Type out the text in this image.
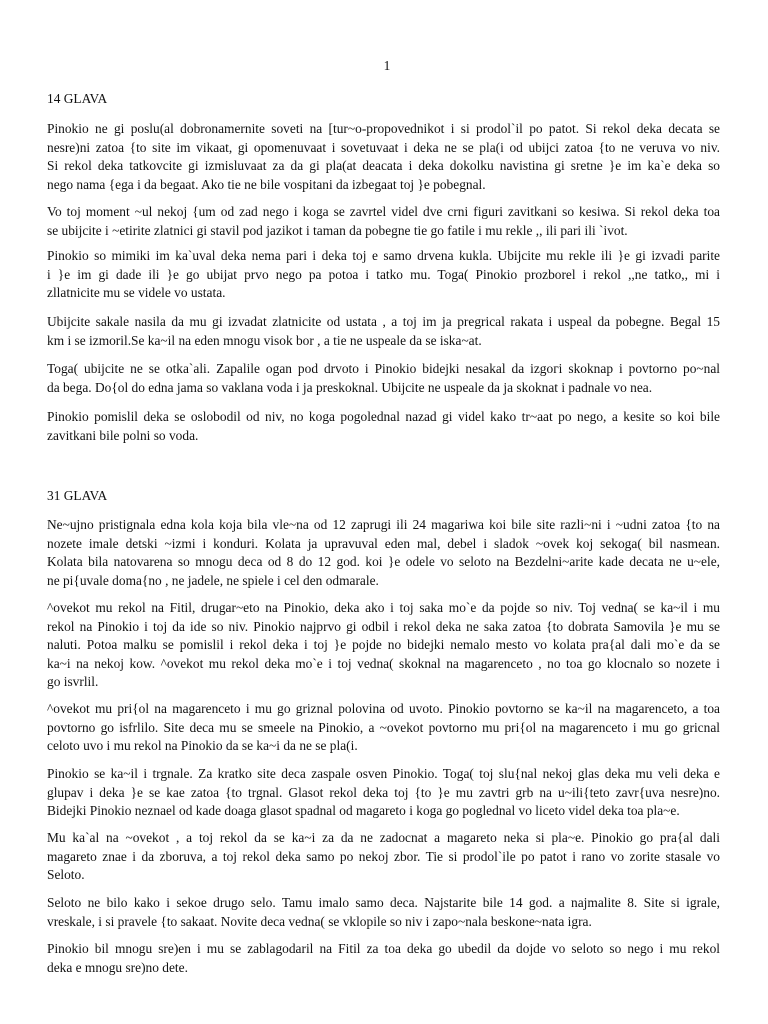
1
14 GLAVA
Pinokio ne gi poslu(al dobronamernite soveti na [tur~o-propovednikot i si prodol`il po patot. Si rekol deka decata se
nesre)ni zatoa {to site im vikaat, gi opomenuvaat i sovetuvaat i deka ne se pla(i od ubijci zatoa {to ne veruva vo niv.
Si rekol deka tatkovcite gi izmisluvaat za da gi pla(at deacata i deka dokolku navistina gi sretne }e im ka`e deka so
nego nama {ega i da begaat. Ako tie ne bile vospitani da izbegaat toj }e pobegnal.
Vo toj moment ~ul nekoj {um od zad nego i koga se zavrtel videl dve crni figuri zavitkani so kesiwa. Si rekol deka toa
se ubijcite i ~etirite zlatnici gi stavil pod jazikot i taman da pobegne tie go fatile i mu rekle ,, ili pari ili `ivot.
Pinokio so mimiki im ka`uval deka nema pari i deka toj e samo drvena kukla. Ubijcite mu rekle ili }e gi izvadi parite
i }e im gi dade ili }e go ubijat prvo nego pa potoa i tatko mu. Toga( Pinokio prozborel i rekol ,,ne tatko,, mi i
zllatnicite mu se videle vo ustata.
Ubijcite sakale nasila da mu gi izvadat zlatnicite od ustata , a toj im ja pregrical rakata i uspeal da pobegne. Begal 15
km i se izmoril.Se ka~il na eden mnogu visok bor , a tie ne uspeale da se iska~at.
Toga( ubijcite ne se otka`ali. Zapalile ogan pod drvoto i Pinokio bidejki nesakal da izgoгi skoknap i povtorno po~nal
da bega. Do{ol do edna jama so vaklana voda i ja preskoknal. Ubijcite ne uspeale da ja skoknat i padnale vo nea.
Pinokio pomislil deka se oslobodil od niv, no koga pogolednal nazad gi videl kako tr~aat po nego, a kesite so koi bile
zavitkani bile polni so voda.
31 GLAVA
Ne~ujno pristignala edna kola koja bila vle~na od 12 zaprugi ili 24 magariwa koi bile site razli~ni i ~udni zatoa {to na
nozete imale detski ~izmi i konduri. Kolata ja upravuval eden mal, debel i sladok ~ovek koj sekoga( bil nasmean.
Kolata bila natovarena so mnogu deca od 8 do 12 god. koi }e odele vo seloto na Bezdelni~arite kade decata ne u~ele,
ne pi{uvale doma{no , ne jadele, ne spiele i cel den odmarale.
^ovekot mu rekol na Fitil, drugar~eto na Pinokio, deka ako i toj saka mo`e da pojde so niv. Toj vedna( se ka~il i mu
rekol na Pinokio i toj da ide so niv. Pinokio najprvo gi odbil i rekol deka ne saka zatoa {to dobrata Samovila }e mu se
naluti. Potoa malku se pomislil i rekol deka i toj }e pojde no bidejki nemalo mesto vo kolata pra{al dali mo`e da se
ka~i na nekoj kow. ^ovekot mu rekol deka mo`e i toj vedna( skoknal na magarenceto , no toa go klocnalo so nozete i
go isvrlil.
^ovekot mu pri{ol na magarenceto i mu go griznal polovina od uvoto. Pinokio povtorno se ka~il na magarenceto, a toa
povtorno go isfrlilo. Site deca mu se smeele na Pinokio, a ~ovekot povtorno mu pri{ol na magarenceto i mu go gricnal
celoto uvo i mu rekol na Pinokio da se ka~i da ne se pla(i.
Pinokio se ka~il i trgnale. Za kratko site deca zaspale osven Pinokio. Toga( toj slu{nal nekoj glas deka mu veli deka e
glupav i deka }e se kae zatoa {to trgnal. Glasot rekol deka toj {to }e mu zavtri grb na u~ili{teto zavr{uva nesre)no.
Bidejki Pinokio neznael od kade doaga glasot spadnal od magareto i koga go poglednal vo liceto videl deka toa pla~e.
Mu ka`al na ~ovekot , a toj rekol da se ka~i za da ne zadocnat a magareto neka si pla~e. Pinokio go pra{al dali
magareto znae i da zboruva, a toj rekol deka samo po nekoj zbor. Tie si prodol`ile po patot i rano vo zorite stasale vo
Seloto.
Seloto ne bilo kako i sekoe drugo selo. Tamu imalo samo deca. Najstarite bile 14 god. a najmalite 8. Site si igrale,
vreskale, i si pravele {to sakaat. Novite deca vedna( se vklopile so niv i zapo~nala beskone~nata igra.
Pinokio bil mnogu sre)en i mu se zablagodaril na Fitil za toa deka go ubedil da dojde vo seloto so nego i mu rekol
deka e mnogu sre)no dete.
